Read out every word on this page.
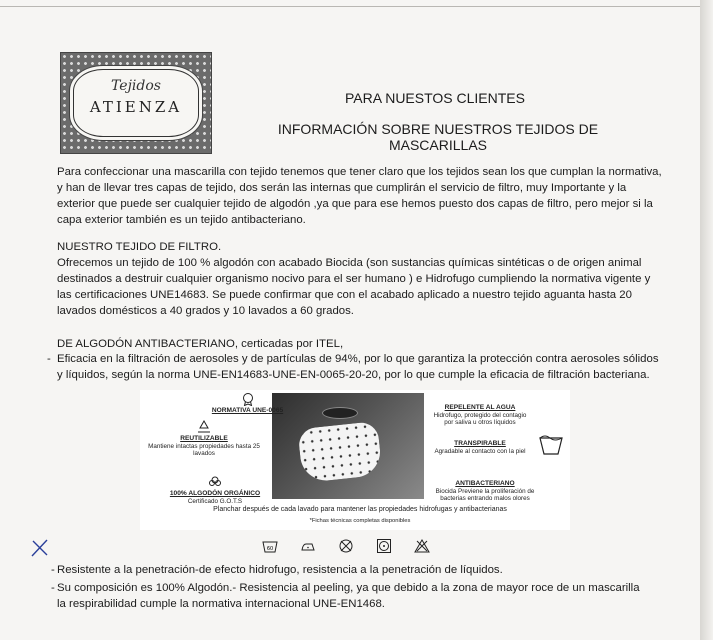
Tejidos
ATIENZA	PARA NUESTOS CLIENTES
INFORMACIÓN SOBRE NUESTROS TEJIDOS DE MASCARILLAS
Para confeccionar una mascarilla con tejido tenemos que tener claro que los tejidos sean los que cumplan la normativa, y han de llevar tres capas de tejido, dos serán las internas que cumplirán el servicio de filtro, muy Importante y la exterior que puede ser cualquier tejido de algodón ,ya que para ese hemos puesto dos capas de filtro, pero mejor si la capa exterior también es un tejido antibacteriano.
NUESTRO TEJIDO DE FILTRO.
Ofrecemos un tejido de 100 % algodón con acabado Biocida (son sustancias químicas sintéticas o de origen animal destinados a destruir cualquier organismo nocivo para el ser humano ) e Hidrofugo cumpliendo la normativa vigente y las certificaciones UNE14683. Se puede confirmar que con el acabado aplicado a nuestro tejido aguanta hasta 20 lavados domésticos a 40 grados y 10 lavados a 60 grados.
DE ALGODÓN ANTIBACTERIANO, certicadas por ITEL,
- Eficacia en la filtración de aerosoles y de partículas de 94%, por lo que garantiza la protección contra aerosoles sólidos y líquidos, según la norma UNE-EN14683-UNE-EN-0065-20-20, por lo que cumple la eficacia de filtración bacteriana.
NORMATIVA UNE-0065
REUTILIZABLE
Mantiene intactas propiedades hasta 25 lavados
100% ALGODÓN ORGÁNICO
Certificado G.O.T.S
REPELENTE AL AGUA
Hidrofugo, protegido del contagio por saliva u otros líquidos
TRANSPIRABLE
Agradable al contacto con la piel
ANTIBACTERIANO
Biocida Previene la proliferación de bacterias entrando malos olores
Planchar después de cada lavado para mantener las propiedades hidrofugas y antibacterianas
*Fichas técnicas completas disponibles
60
- Resistente a la penetración-de efecto hidrofugo, resistencia a la penetración de líquidos.
- Su composición es 100% Algodón.- Resistencia al peeling, ya que debido a la zona de mayor roce de un mascarilla
la respirabilidad cumple la normativa internacional UNE-EN1468.
